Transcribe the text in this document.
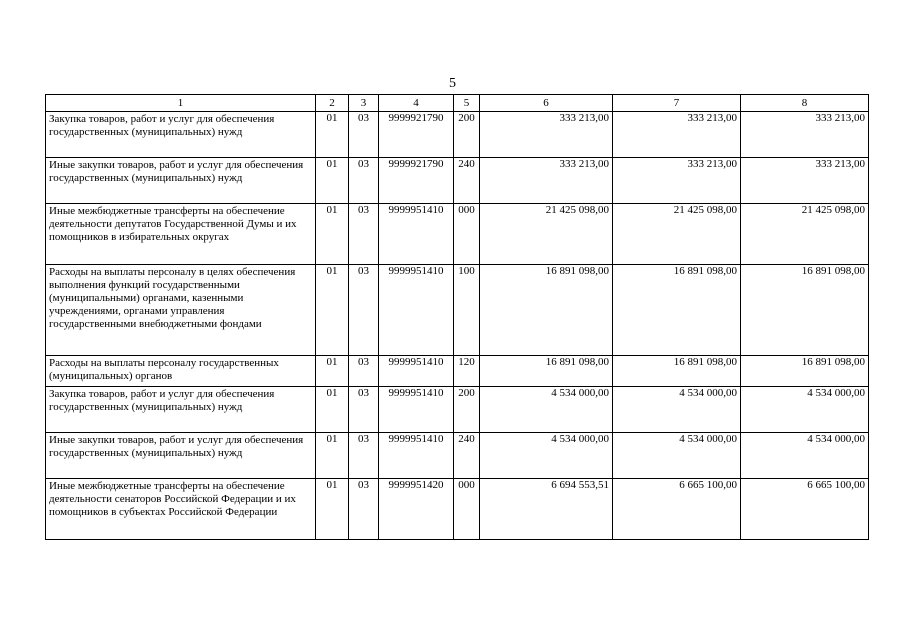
5
1	2	3	4	5	6	7	8

Закупка товаров, работ и услуг для обеспечения государственных (муниципальных) нужд	01	03	9999921790	200	333 213,00	333 213,00	333 213,00

Иные закупки товаров, работ и услуг для обеспечения государственных (муниципальных) нужд	01	03	9999921790	240	333 213,00	333 213,00	333 213,00

Иные межбюджетные трансферты на обеспечение деятельности депутатов Государственной Думы и их помощников в избирательных округах	01	03	9999951410	000	21 425 098,00	21 425 098,00	21 425 098,00

Расходы на выплаты персоналу в целях обеспечения выполнения функций государственными (муниципальными) органами, казенными учреждениями, органами управления государственными внебюджетными фондами	01	03	9999951410	100	16 891 098,00	16 891 098,00	16 891 098,00

Расходы на выплаты персоналу государственных (муниципальных) органов	01	03	9999951410	120	16 891 098,00	16 891 098,00	16 891 098,00

Закупка товаров, работ и услуг для обеспечения государственных (муниципальных) нужд	01	03	9999951410	200	4 534 000,00	4 534 000,00	4 534 000,00

Иные закупки товаров, работ и услуг для обеспечения государственных (муниципальных) нужд	01	03	9999951410	240	4 534 000,00	4 534 000,00	4 534 000,00

Иные межбюджетные трансферты на обеспечение деятельности сенаторов Российской Федерации и их помощников в субъектах Российской Федерации	01	03	9999951420	000	6 694 553,51	6 665 100,00	6 665 100,00
